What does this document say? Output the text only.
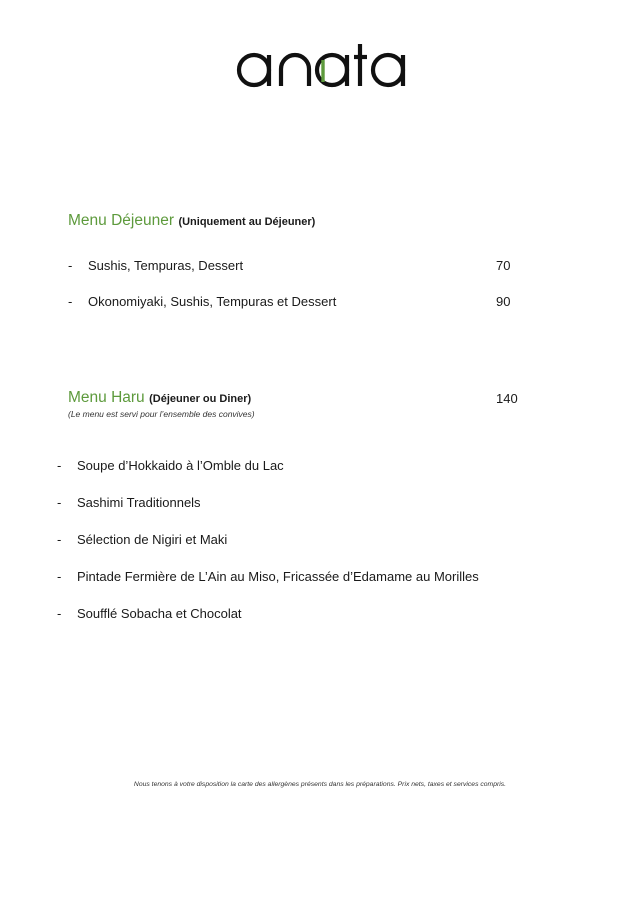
Menu Déjeuner (Uniquement au Déjeuner)
- Sushis, Tempuras, Dessert	70
- Okonomiyaki, Sushis, Tempuras et Dessert	90
Menu Haru (Déjeuner ou Diner)	140
(Le menu est servi pour l’ensemble des convives)
- Soupe d’Hokkaido à l’Omble du Lac
- Sashimi Traditionnels
- Sélection de Nigiri et Maki
- Pintade Fermière de L’Ain au Miso, Fricassée d’Edamame au Morilles
- Soufflé Sobacha et Chocolat
Nous tenons à votre disposition la carte des allergènes présents dans les préparations. Prix nets, taxes et services compris.
